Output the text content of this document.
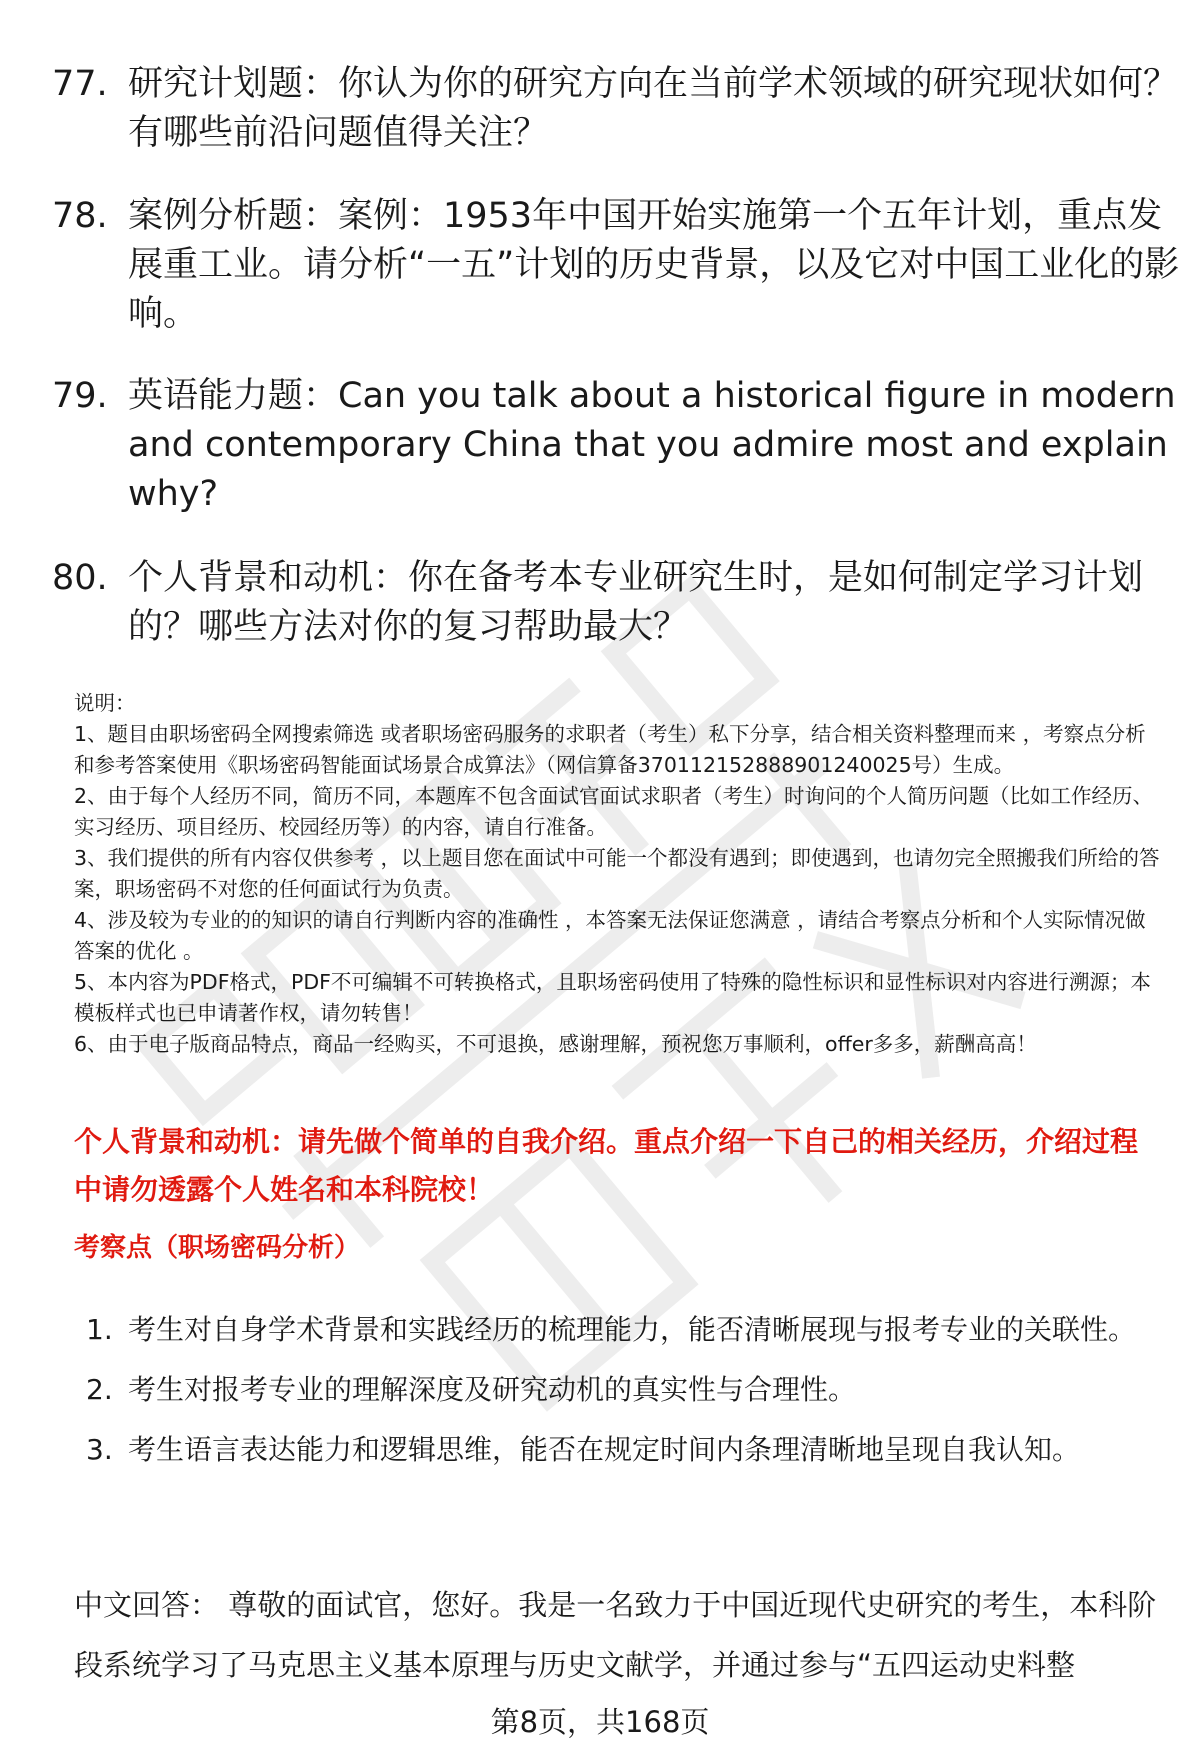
77. 研究计划题：你认为你的研究方向在当前学术领域的研究现状如何？有哪些前沿问题值得关注？
78. 案例分析题：案例：1953年中国开始实施第一个五年计划，重点发展重工业。请分析“一五”计划的历史背景，以及它对中国工业化的影响。
79. 英语能力题：Can you talk about a historical figure in modern and contemporary China that you admire most and explain why?
80. 个人背景和动机：你在备考本专业研究生时，是如何制定学习计划的？哪些方法对你的复习帮助最大？
说明：
1、题目由职场密码全网搜索筛选 或者职场密码服务的求职者（考生）私下分享，结合相关资料整理而来 ，考察点分析和参考答案使用《职场密码智能面试场景合成算法》（网信算备370112152888901240025号）生成。
2、由于每个人经历不同，简历不同，本题库不包含面试官面试求职者（考生）时询问的个人简历问题（比如工作经历、实习经历、项目经历、校园经历等）的内容，请自行准备。
3、我们提供的所有内容仅供参考 ，以上题目您在面试中可能一个都没有遇到；即使遇到，也请勿完全照搬我们所给的答案，职场密码不对您的任何面试行为负责。
4、涉及较为专业的的知识的请自行判断内容的准确性 ，本答案无法保证您满意 ，请结合考察点分析和个人实际情况做答案的优化 。
5、本内容为PDF格式，PDF不可编辑不可转换格式，且职场密码使用了特殊的隐性标识和显性标识对内容进行溯源；本模板样式也已申请著作权，请勿转售！
6、由于电子版商品特点，商品一经购买，不可退换，感谢理解，预祝您万事顺利，offer多多，薪酬高高！
个人背景和动机：请先做个简单的自我介绍。重点介绍一下自己的相关经历，介绍过程中请勿透露个人姓名和本科院校！
考察点（职场密码分析）
1. 考生对自身学术背景和实践经历的梳理能力，能否清晰展现与报考专业的关联性。
2. 考生对报考专业的理解深度及研究动机的真实性与合理性。
3. 考生语言表达能力和逻辑思维，能否在规定时间内条理清晰地呈现自我认知。
中文回答： 尊敬的面试官，您好。我是一名致力于中国近现代史研究的考生，本科阶段系统学习了马克思主义基本原理与历史文献学，并通过参与“五四运动史料整
第8页，共168页
